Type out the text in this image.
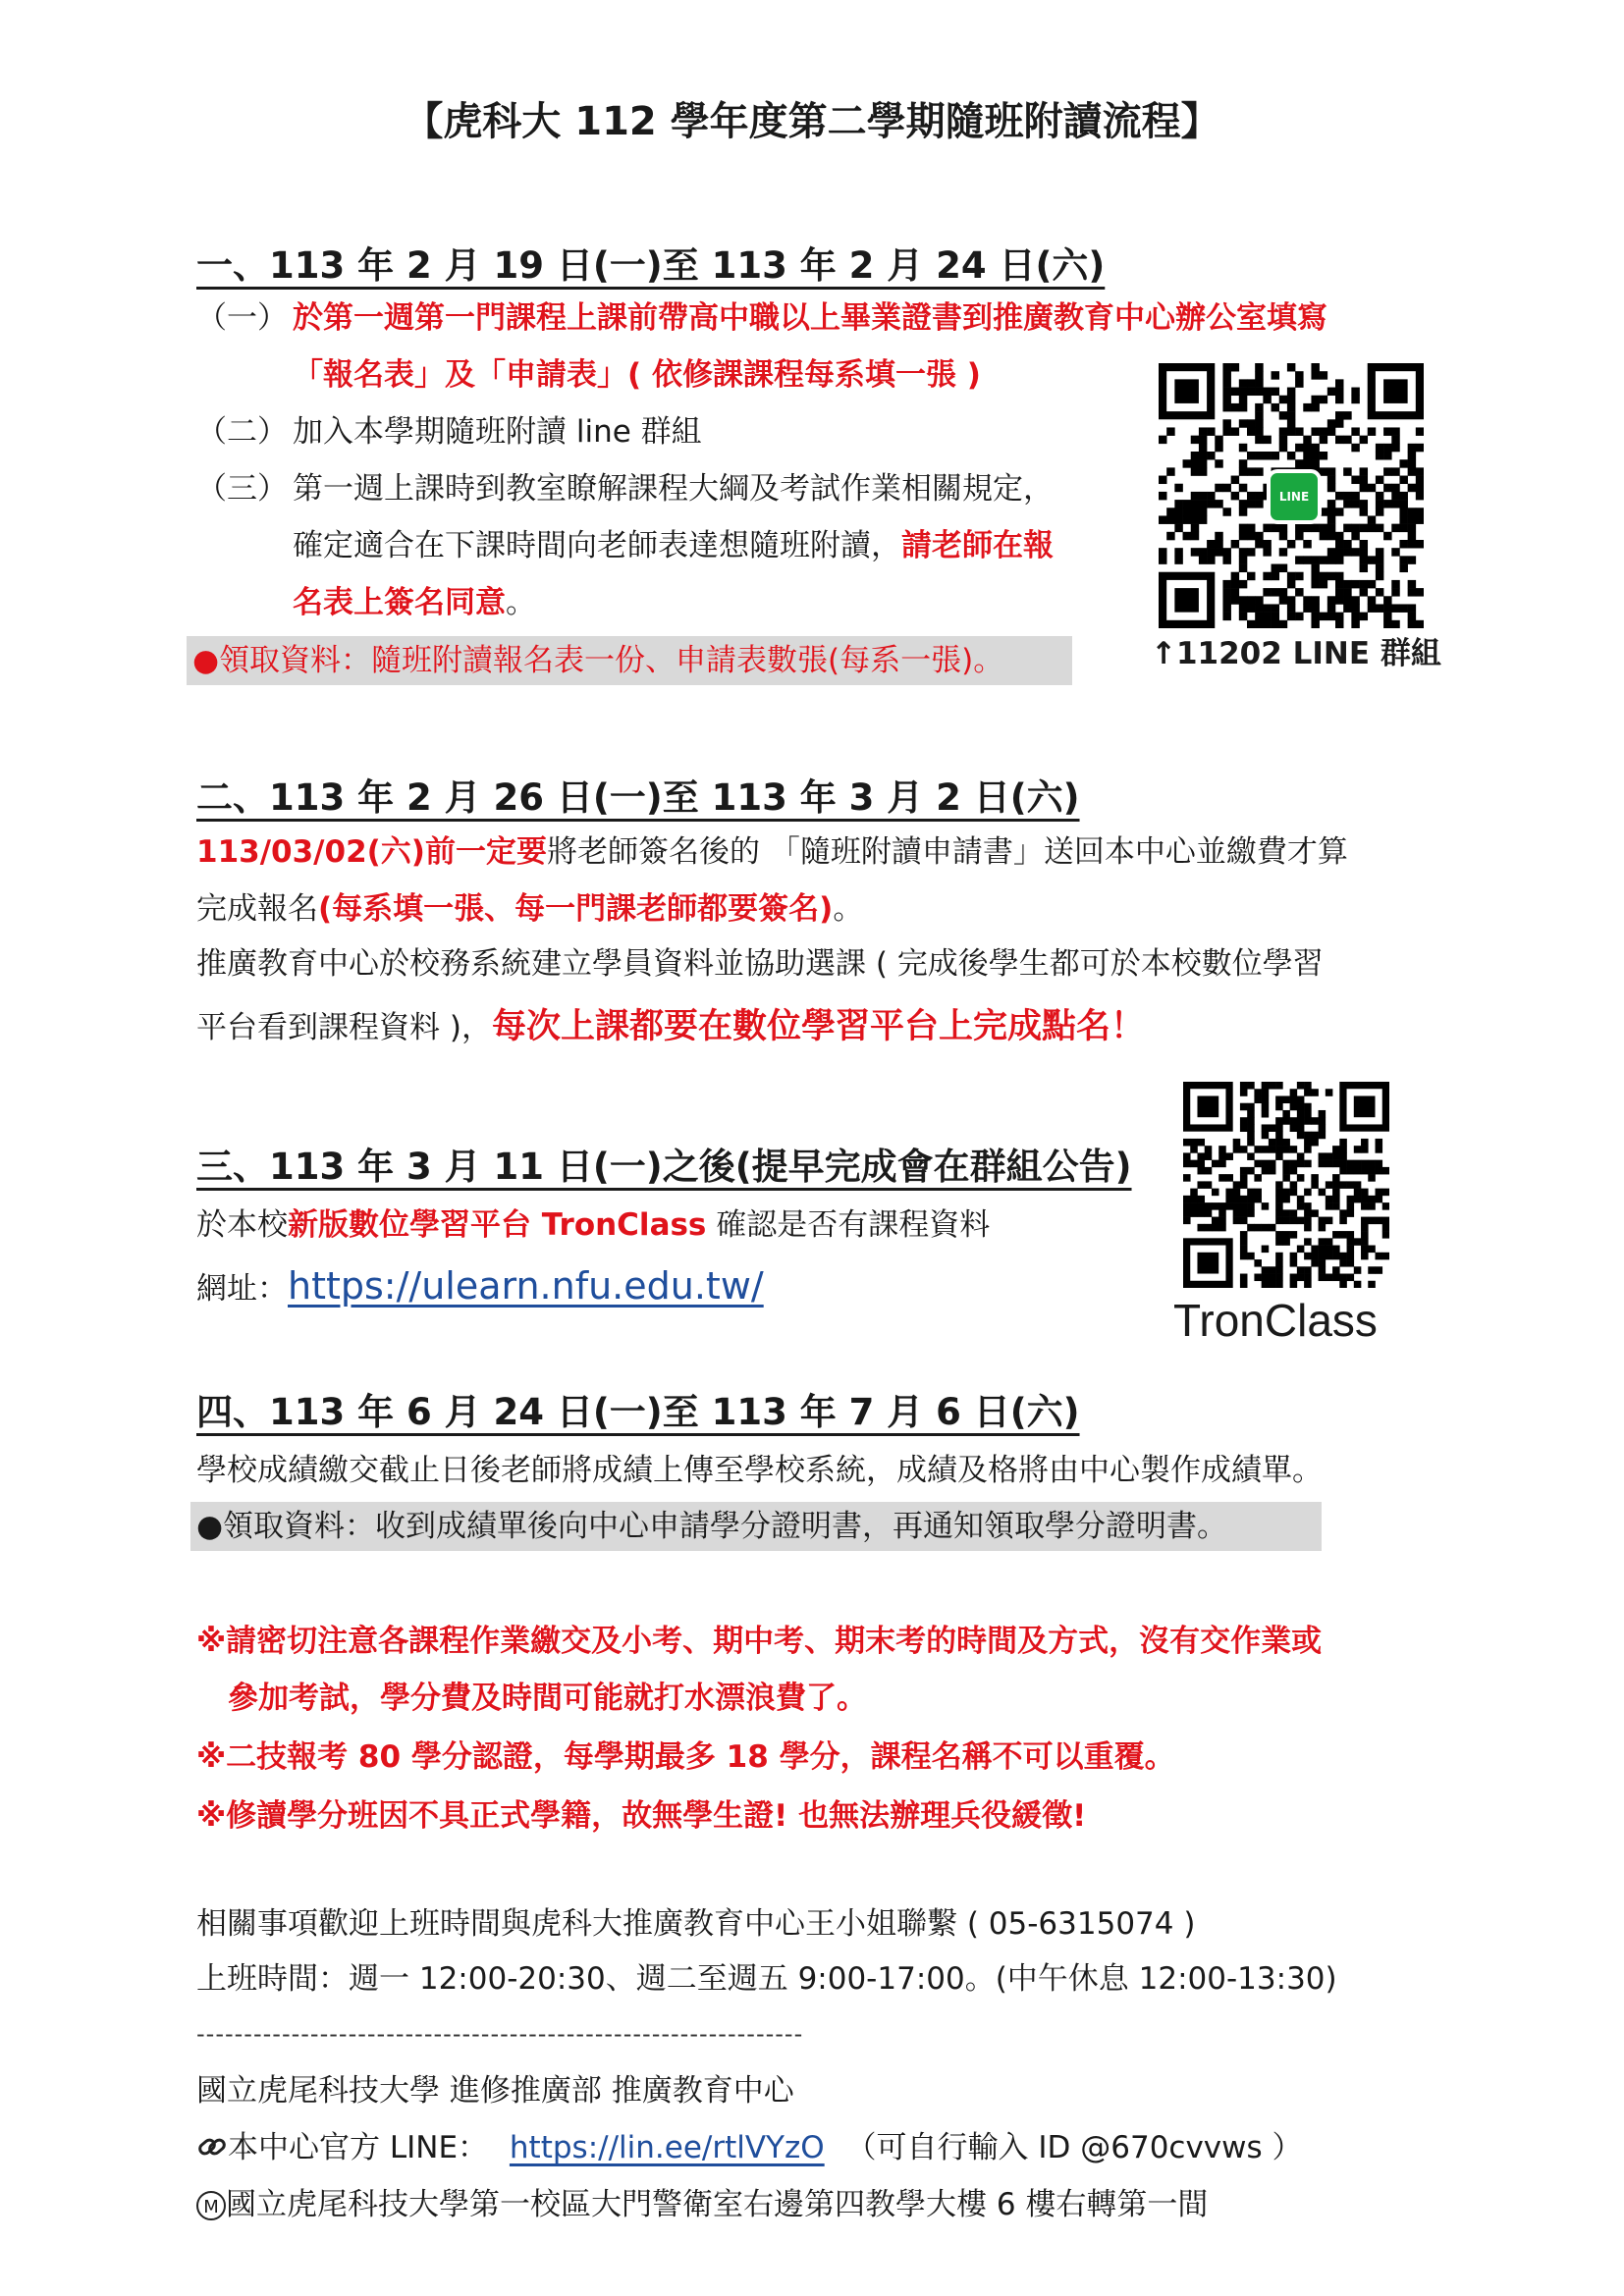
【虎科大 112 學年度第二學期隨班附讀流程】
一、113 年 2 月 19 日(一)至 113 年 2 月 24 日(六)
（一） 於第一週第一門課程上課前帶高中職以上畢業證書到推廣教育中心辦公室填寫
「報名表」及「申請表」( 依修課課程每系填一張 )
（二） 加入本學期隨班附讀 line 群組
（三） 第一週上課時到教室瞭解課程大綱及考試作業相關規定，
確定適合在下課時間向老師表達想隨班附讀，請老師在報
名表上簽名同意。
●領取資料：隨班附讀報名表一份、申請表數張(每系一張)。
LINE
↑11202 LINE 群組
二、113 年 2 月 26 日(一)至 113 年 3 月 2 日(六)
113/03/02(六)前一定要將老師簽名後的 「隨班附讀申請書」送回本中心並繳費才算
完成報名(每系填一張、每一門課老師都要簽名)。
推廣教育中心於校務系統建立學員資料並協助選課 ( 完成後學生都可於本校數位學習
平台看到課程資料 )，每次上課都要在數位學習平台上完成點名！
三、113 年 3 月 11 日(一)之後(提早完成會在群組公告)
於本校新版數位學習平台 TronClass 確認是否有課程資料
網址：https://ulearn.nfu.edu.tw/
TronClass
四、113 年 6 月 24 日(一)至 113 年 7 月 6 日(六)
學校成績繳交截止日後老師將成績上傳至學校系統，成績及格將由中心製作成績單。
●領取資料：收到成績單後向中心申請學分證明書，再通知領取學分證明書。
※請密切注意各課程作業繳交及小考、期中考、期末考的時間及方式，沒有交作業或
參加考試，學分費及時間可能就打水漂浪費了。
※二技報考 80 學分認證，每學期最多 18 學分，課程名稱不可以重覆。
※修讀學分班因不具正式學籍，故無學生證! 也無法辦理兵役緩徵!
相關事項歡迎上班時間與虎科大推廣教育中心王小姐聯繫 ( 05-6315074 )
上班時間：週一 12:00-20:30、週二至週五 9:00-17:00。(中午休息 12:00-13:30)
----------------------------------------------------------------
國立虎尾科技大學 進修推廣部 推廣教育中心
本中心官方 LINE： https://lin.ee/rtlVYzO （可自行輸入 ID @670cvvws ）
M 國立虎尾科技大學第一校區大門警衛室右邊第四教學大樓 6 樓右轉第一間
